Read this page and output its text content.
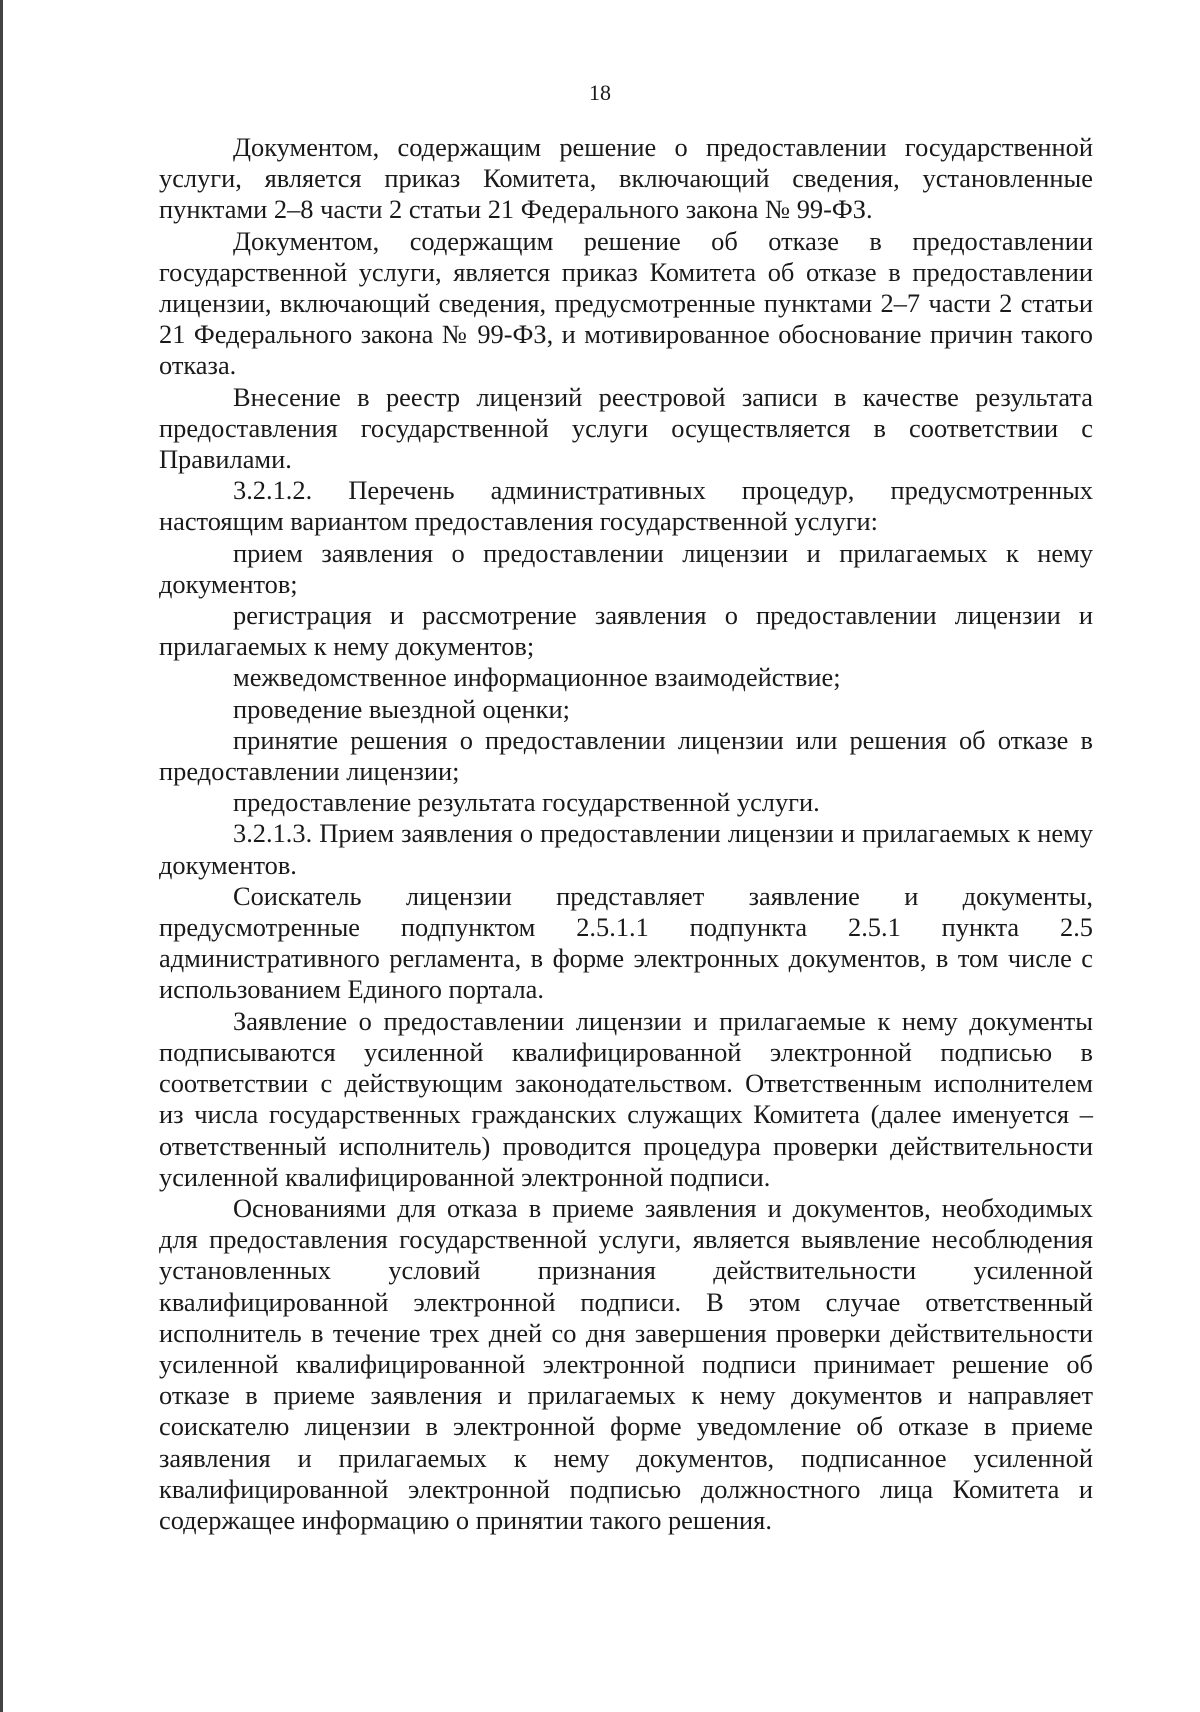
18

Документом, содержащим решение о предоставлении государственной услуги, является приказ Комитета, включающий сведения, установленные пунктами 2–8 части 2 статьи 21 Федерального закона № 99-ФЗ.

Документом, содержащим решение об отказе в предоставлении государственной услуги, является приказ Комитета об отказе в предоставлении лицензии, включающий сведения, предусмотренные пунктами 2–7 части 2 статьи 21 Федерального закона № 99-ФЗ, и мотивированное обоснование причин такого отказа.

Внесение в реестр лицензий реестровой записи в качестве результата предоставления государственной услуги осуществляется в соответствии с Правилами.

3.2.1.2. Перечень административных процедур, предусмотренных настоящим вариантом предоставления государственной услуги:

прием заявления о предоставлении лицензии и прилагаемых к нему документов;

регистрация и рассмотрение заявления о предоставлении лицензии и прилагаемых к нему документов;

межведомственное информационное взаимодействие;

проведение выездной оценки;

принятие решения о предоставлении лицензии или решения об отказе в предоставлении лицензии;

предоставление результата государственной услуги.

3.2.1.3. Прием заявления о предоставлении лицензии и прилагаемых к нему документов.

Соискатель лицензии представляет заявление и документы, предусмотренные подпунктом 2.5.1.1 подпункта 2.5.1 пункта 2.5 административного регламента, в форме электронных документов, в том числе с использованием Единого портала.

Заявление о предоставлении лицензии и прилагаемые к нему документы подписываются усиленной квалифицированной электронной подписью в соответствии с действующим законодательством. Ответственным исполнителем из числа государственных гражданских служащих Комитета (далее именуется – ответственный исполнитель) проводится процедура проверки действительности усиленной квалифицированной электронной подписи.

Основаниями для отказа в приеме заявления и документов, необходимых для предоставления государственной услуги, является выявление несоблюдения установленных условий признания действительности усиленной квалифицированной электронной подписи. В этом случае ответственный исполнитель в течение трех дней со дня завершения проверки действительности усиленной квалифицированной электронной подписи принимает решение об отказе в приеме заявления и прилагаемых к нему документов и направляет соискателю лицензии в электронной форме уведомление об отказе в приеме заявления и прилагаемых к нему документов, подписанное усиленной квалифицированной электронной подписью должностного лица Комитета и содержащее информацию о принятии такого решения.
